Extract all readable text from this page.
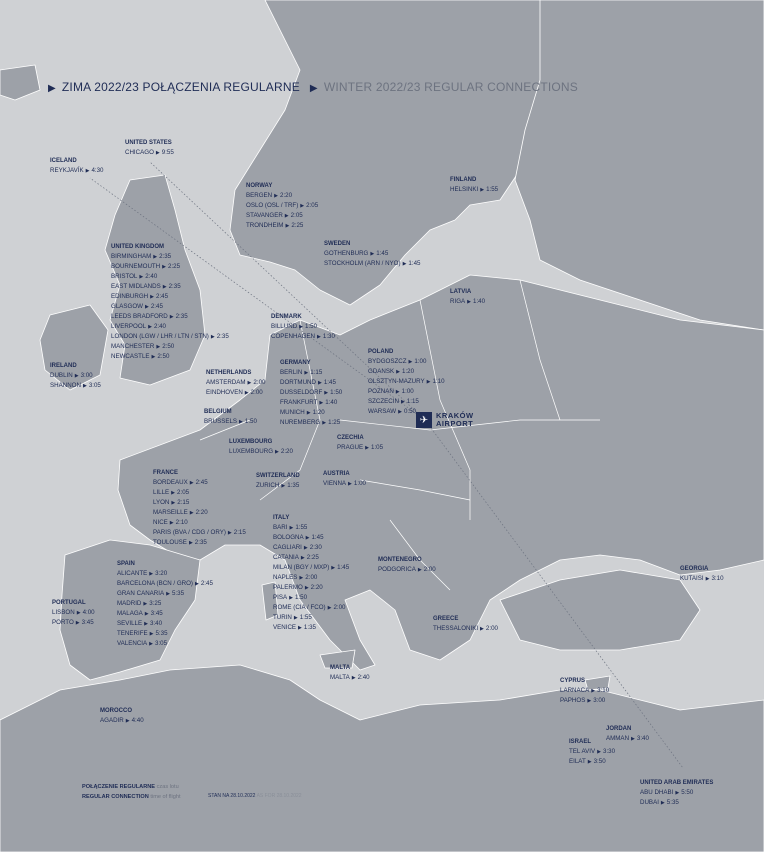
▶ ZIMA 2022/23 POŁĄCZENIA REGULARNE ▶ WINTER 2022/23 REGULAR CONNECTIONS
✈	KRAKÓW
AIRPORT
UNITED STATES
CHICAGO ▶ 9:55
ICELAND
REYKJAVÍK ▶ 4:30
NORWAY
BERGEN ▶ 2:20
OSLO (OSL / TRF) ▶ 2:05
STAVANGER ▶ 2:05
TRONDHEIM ▶ 2:25
FINLAND
HELSINKI ▶ 1:55
SWEDEN
GOTHENBURG ▶ 1:45
STOCKHOLM (ARN / NYO) ▶ 1:45
UNITED KINGDOM
BIRMINGHAM ▶ 2:35
BOURNEMOUTH ▶ 2:25
BRISTOL ▶ 2:40
EAST MIDLANDS ▶ 2:35
EDINBURGH ▶ 2:45
GLASGOW ▶ 2:45
LEEDS BRADFORD ▶ 2:35
LIVERPOOL ▶ 2:40
LONDON (LGW / LHR / LTN / STN) ▶ 2:35
MANCHESTER ▶ 2:50
NEWCASTLE ▶ 2:50
LATVIA
RIGA ▶ 1:40
DENMARK
BILLUND ▶ 1:50
COPENHAGEN ▶ 1:30
POLAND
BYDGOSZCZ ▶ 1:00
GDANSK ▶ 1:20
OLSZTYN-MAZURY ▶ 1:10
POZNAN ▶ 1:00
SZCZECIN ▶ 1:15
WARSAW ▶ 0:50
IRELAND
DUBLIN ▶ 3:00
SHANNON ▶ 3:05
NETHERLANDS
AMSTERDAM ▶ 2:00
EINDHOVEN ▶ 2:00
GERMANY
BERLIN ▶ 1:15
DORTMUND ▶ 1:45
DUSSELDORF ▶ 1:50
FRANKFURT ▶ 1:40
MUNICH ▶ 1:20
NUREMBERG ▶ 1:25
BELGIUM
BRUSSELS ▶ 1:50
CZECHIA
PRAGUE ▶ 1:05
LUXEMBOURG
LUXEMBOURG ▶ 2:20
FRANCE
BORDEAUX ▶ 2:45
LILLE ▶ 2:05
LYON ▶ 2:15
MARSEILLE ▶ 2:20
NICE ▶ 2:10
PARIS (BVA / CDG / ORY) ▶ 2:15
TOULOUSE ▶ 2:35
SWITZERLAND
ZURICH ▶ 1:35
AUSTRIA
VIENNA ▶ 1:00
ITALY
BARI ▶ 1:55
BOLOGNA ▶ 1:45
CAGLIARI ▶ 2:30
CATANIA ▶ 2:25
MILAN (BGY / MXP) ▶ 1:45
NAPLES ▶ 2:00
PALERMO ▶ 2:20
PISA ▶ 1:50
ROME (CIA / FCO) ▶ 2:00
TURIN ▶ 1:55
VENICE ▶ 1:35
MONTENEGRO
PODGORICA ▶ 2:00	GEORGIA
KUTAISI ▶ 3:10
SPAIN
ALICANTE ▶ 3:20
BARCELONA (BCN / GRO) ▶ 2:45
GRAN CANARIA ▶ 5:35
MADRID ▶ 3:25
MALAGA ▶ 3:45
SEVILLE ▶ 3:40
TENERIFE ▶ 5:35
VALENCIA ▶ 3:05
PORTUGAL
LISBON ▶ 4:00
PORTO ▶ 3:45	GREECE
THESSALONIKI ▶ 2:00
MALTA
MALTA ▶ 2:40	CYPRUS
LARNACA ▶ 3:10
PAPHOS ▶ 3:00
MOROCCO
AGADIR ▶ 4:40
JORDAN
AMMAN ▶ 3:40
ISRAEL
TEL AVIV ▶ 3:30
EILAT ▶ 3:50
UNITED ARAB EMIRATES
ABU DHABI ▶ 5:50
DUBAI ▶ 5:35
POŁĄCZENIE REGULARNE czas lotu
REGULAR CONNECTION time of flight	STAN NA 28.10.2022 AS FOR 28.10.2022
